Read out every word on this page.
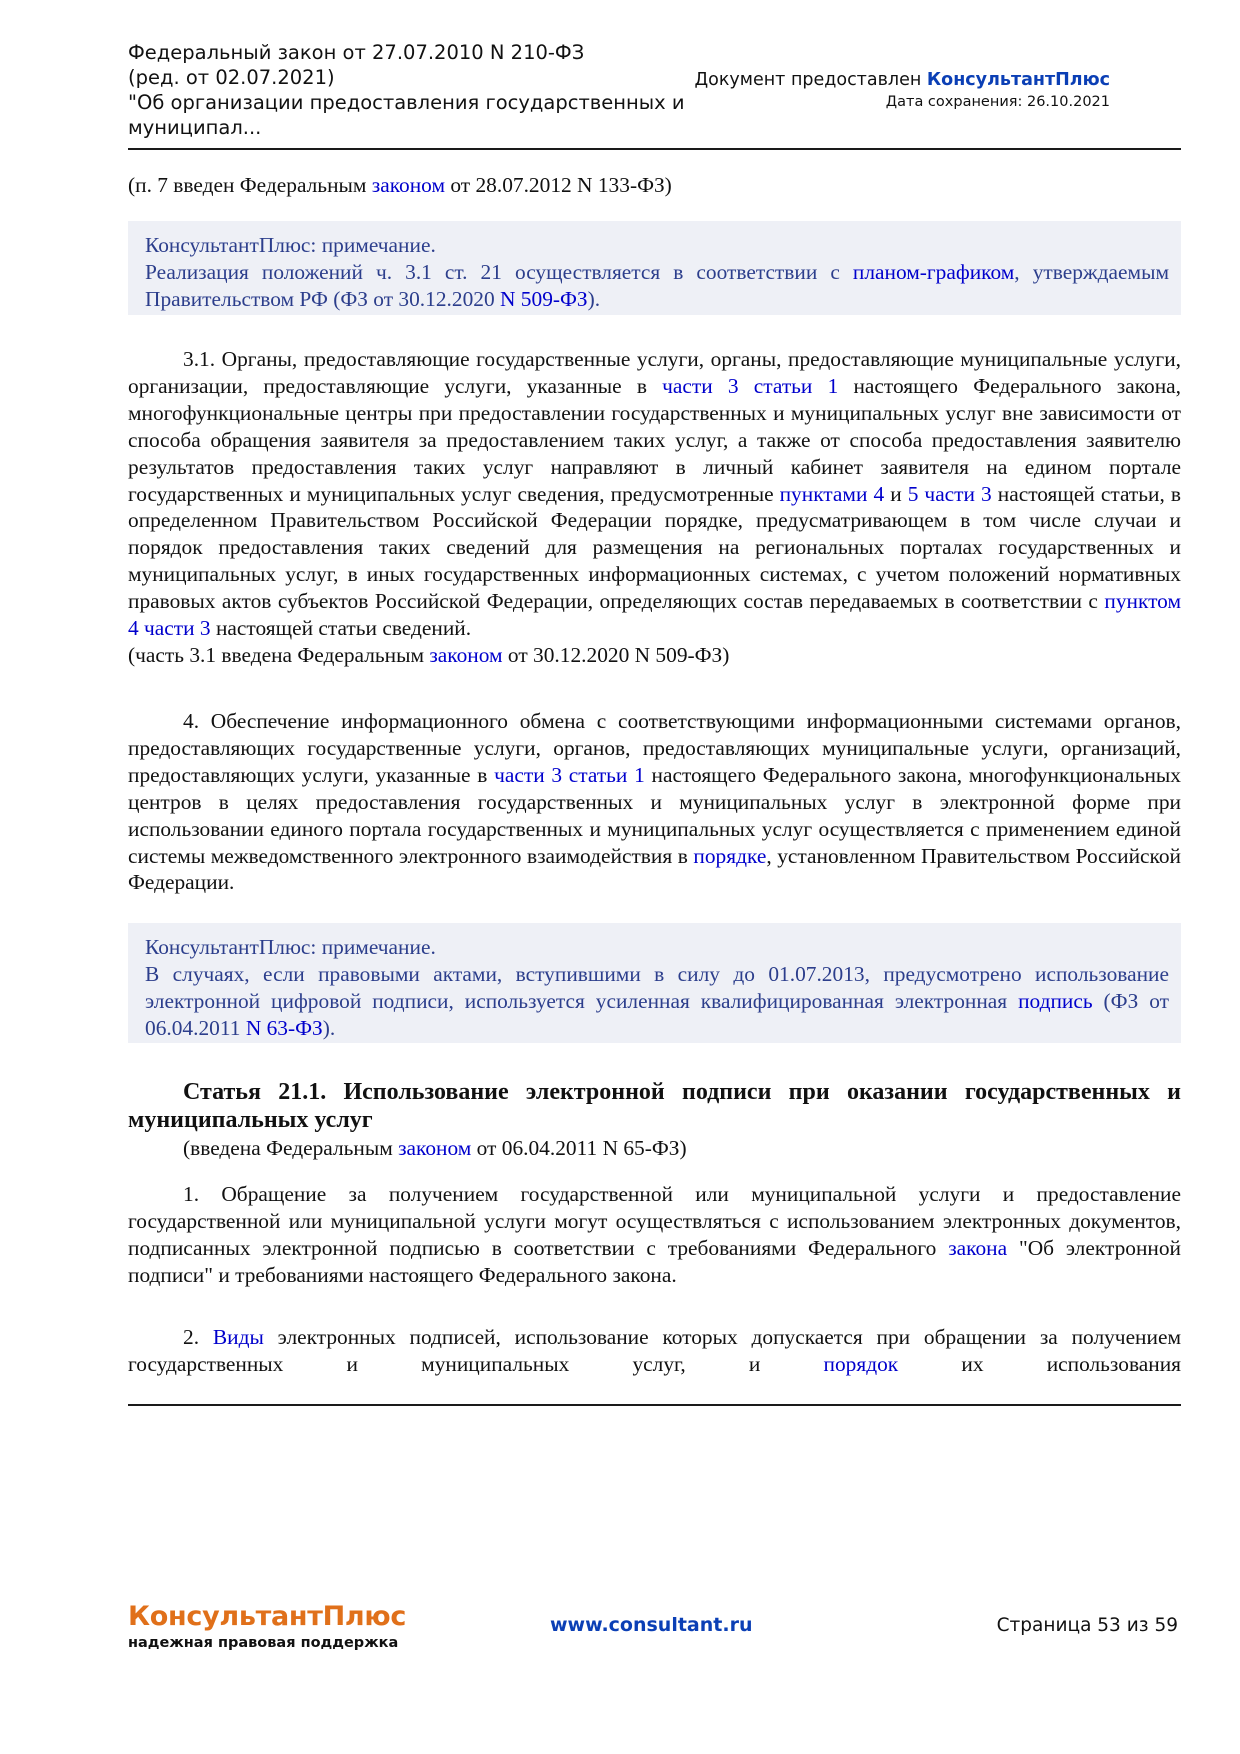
Федеральный закон от 27.07.2010 N 210-ФЗ
(ред. от 02.07.2021)
"Об организации предоставления государственных и
муниципал...
Документ предоставлен КонсультантПлюс
Дата сохранения: 26.10.2021

(п. 7 введен Федеральным законом от 28.07.2012 N 133-ФЗ)

КонсультантПлюс: примечание.
Реализация положений ч. 3.1 ст. 21 осуществляется в соответствии с планом-графиком, утверждаемым Правительством РФ (ФЗ от 30.12.2020 N 509-ФЗ).

3.1. Органы, предоставляющие государственные услуги, органы, предоставляющие муниципальные услуги, организации, предоставляющие услуги, указанные в части 3 статьи 1 настоящего Федерального закона, многофункциональные центры при предоставлении государственных и муниципальных услуг вне зависимости от способа обращения заявителя за предоставлением таких услуг, а также от способа предоставления заявителю результатов предоставления таких услуг направляют в личный кабинет заявителя на едином портале государственных и муниципальных услуг сведения, предусмотренные пунктами 4 и 5 части 3 настоящей статьи, в определенном Правительством Российской Федерации порядке, предусматривающем в том числе случаи и порядок предоставления таких сведений для размещения на региональных порталах государственных и муниципальных услуг, в иных государственных информационных системах, с учетом положений нормативных правовых актов субъектов Российской Федерации, определяющих состав передаваемых в соответствии с пунктом 4 части 3 настоящей статьи сведений.

(часть 3.1 введена Федеральным законом от 30.12.2020 N 509-ФЗ)

4. Обеспечение информационного обмена с соответствующими информационными системами органов, предоставляющих государственные услуги, органов, предоставляющих муниципальные услуги, организаций, предоставляющих услуги, указанные в части 3 статьи 1 настоящего Федерального закона, многофункциональных центров в целях предоставления государственных и муниципальных услуг в электронной форме при использовании единого портала государственных и муниципальных услуг осуществляется с применением единой системы межведомственного электронного взаимодействия в порядке, установленном Правительством Российской Федерации.

КонсультантПлюс: примечание.
В случаях, если правовыми актами, вступившими в силу до 01.07.2013, предусмотрено использование электронной цифровой подписи, используется усиленная квалифицированная электронная подпись (ФЗ от 06.04.2011 N 63-ФЗ).

Статья 21.1. Использование электронной подписи при оказании государственных и муниципальных услуг

(введена Федеральным законом от 06.04.2011 N 65-ФЗ)

1. Обращение за получением государственной или муниципальной услуги и предоставление государственной или муниципальной услуги могут осуществляться с использованием электронных документов, подписанных электронной подписью в соответствии с требованиями Федерального закона "Об электронной подписи" и требованиями настоящего Федерального закона.

2. Виды электронных подписей, использование которых допускается при обращении за получением государственных и муниципальных услуг, и порядок их использования

КонсультантПлюс
надежная правовая поддержка
www.consultant.ru	Страница 53 из 59
